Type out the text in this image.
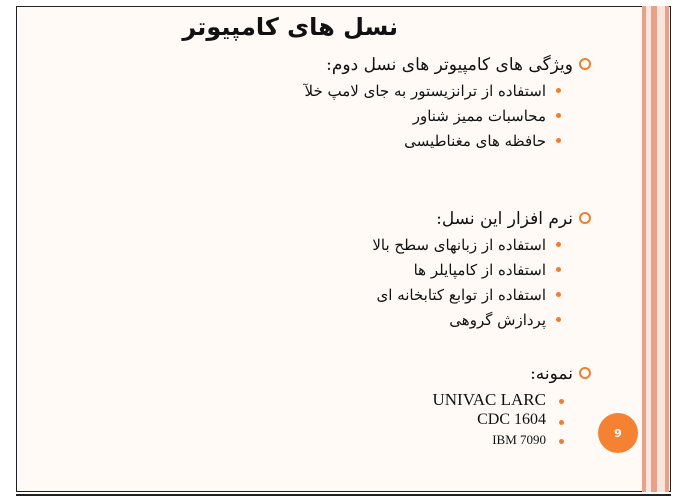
نسل های کامپیوتر
ویژگی های کامپیوتر های نسل دوم:
استفاده از ترانزیستور به جای لامپ خلآ
محاسبات ممیز شناور
حافظه های مغناطیسی
نرم افزار این نسل:
استفاده از زبانهای سطح بالا
استفاده از کامپایلر ها
استفاده از توابع کتابخانه ای
پردازش گروهی
نمونه:
UNIVAC LARC
CDC 1604
IBM 7090	9
